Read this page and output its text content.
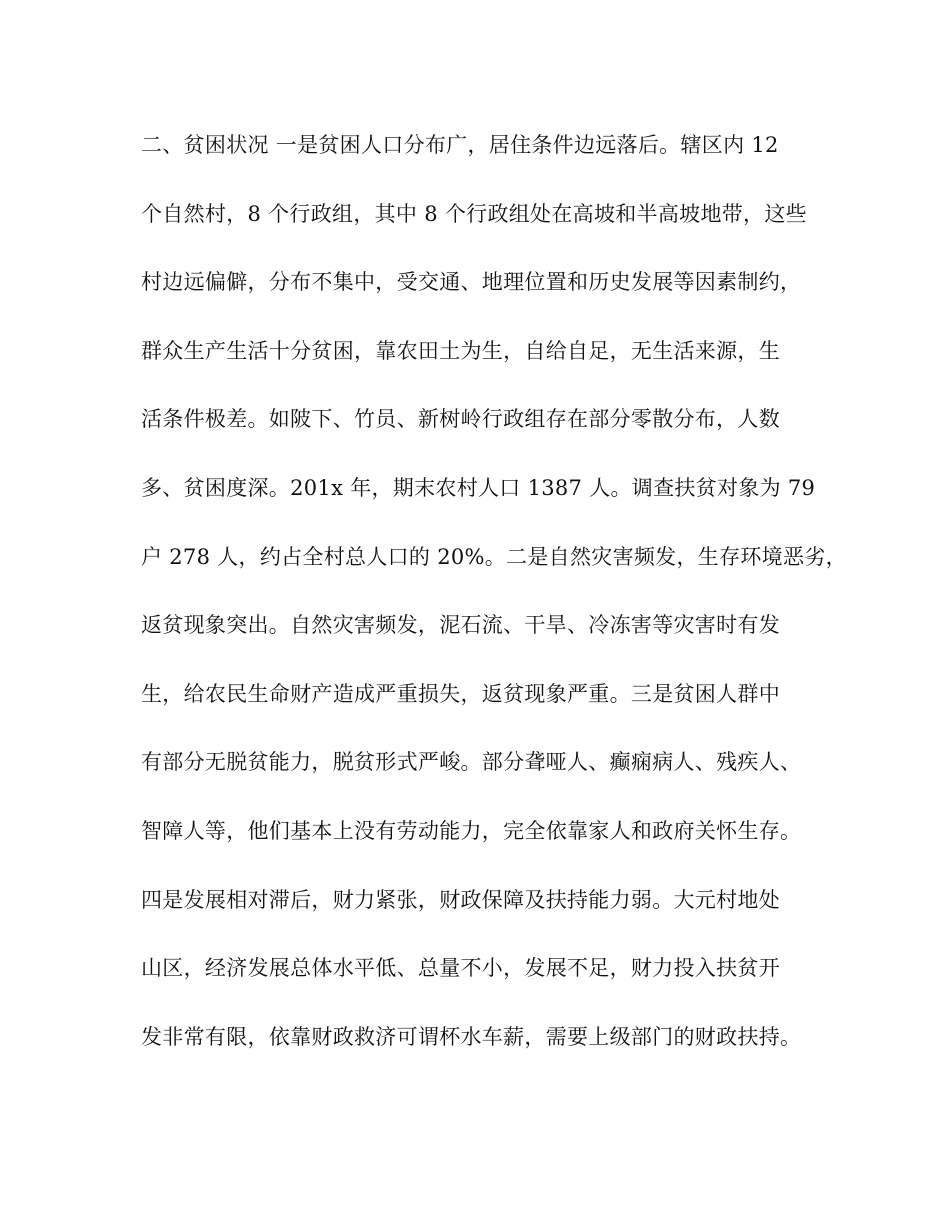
二、贫困状况 一是贫困人口分布广，居住条件边远落后。辖区内 12
个自然村，8 个行政组，其中 8 个行政组处在高坡和半高坡地带，这些
村边远偏僻，分布不集中，受交通、地理位置和历史发展等因素制约，
群众生产生活十分贫困，靠农田土为生，自给自足，无生活来源，生
活条件极差。如陂下、竹员、新树岭行政组存在部分零散分布，人数
多、贫困度深。201x 年，期末农村人口 1387 人。调查扶贫对象为 79
户 278 人，约占全村总人口的 20%。二是自然灾害频发，生存环境恶劣，
返贫现象突出。自然灾害频发，泥石流、干旱、冷冻害等灾害时有发
生，给农民生命财产造成严重损失，返贫现象严重。三是贫困人群中
有部分无脱贫能力，脱贫形式严峻。部分聋哑人、癫痫病人、残疾人、
智障人等，他们基本上没有劳动能力，完全依靠家人和政府关怀生存。
四是发展相对滞后，财力紧张，财政保障及扶持能力弱。大元村地处
山区，经济发展总体水平低、总量不小，发展不足，财力投入扶贫开
发非常有限，依靠财政救济可谓杯水车薪，需要上级部门的财政扶持。
